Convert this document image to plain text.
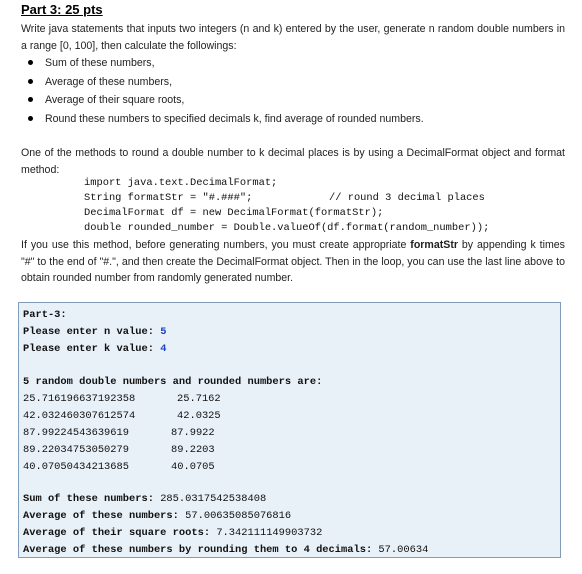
Part 3: 25 pts
Write java statements that inputs two integers (n and k) entered by the user, generate n random double numbers in a range [0, 100], then calculate the followings:
Sum of these numbers,
Average of these numbers,
Average of their square roots,
Round these numbers to specified decimals k, find average of rounded numbers.
One of the methods to round a double number to k decimal places is by using a DecimalFormat object and format method:
import java.text.DecimalFormat;
String formatStr = "#.###";	// round 3 decimal places
DecimalFormat df = new DecimalFormat(formatStr);
double rounded_number = Double.valueOf(df.format(random_number));
If you use this method, before generating numbers, you must create appropriate formatStr by appending k times "#" to the end of "#.", and then create the DecimalFormat object. Then in the loop, you can use the last line above to obtain rounded number from randomly generated number.
Part-3:
Please enter n value: 5
Please enter k value: 4
5 random double numbers and rounded numbers are:
25.716196637192358	25.7162
42.032460307612574	42.0325
87.99224543639619	87.9922
89.22034753050279	89.2203
40.07050434213685	40.0705
Sum of these numbers: 285.0317542538408
Average of these numbers: 57.00635085076816
Average of their square roots: 7.342111149903732
Average of these numbers by rounding them to 4 decimals: 57.00634
